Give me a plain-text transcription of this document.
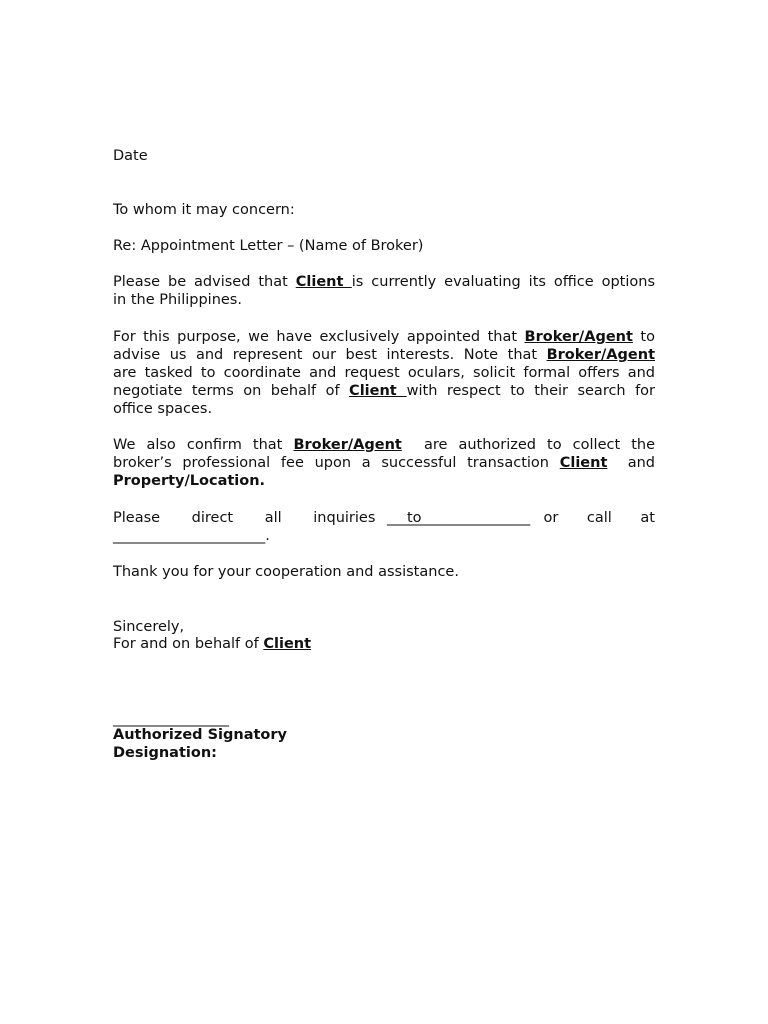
Date
To whom it may concern:
Re: Appointment Letter – (Name of Broker)
Please be advised that Client is currently evaluating its office options
in the Philippines.
For this purpose, we have exclusively appointed that Broker/Agent to
advise us and represent our best interests. Note that Broker/Agent
are tasked to coordinate and request oculars, solicit formal offers and
negotiate terms on behalf of Client with respect to their search for
office spaces.
We also confirm that Broker/Agent  are authorized to collect the
broker’s professional fee upon a successful transaction Client and
Property/Location.
Please direct all inquiries to
____________________ or call at
_____________________.
Thank you for your cooperation and assistance.
Sincerely,
For and on behalf of Client
________________
Authorized Signatory
Designation:
